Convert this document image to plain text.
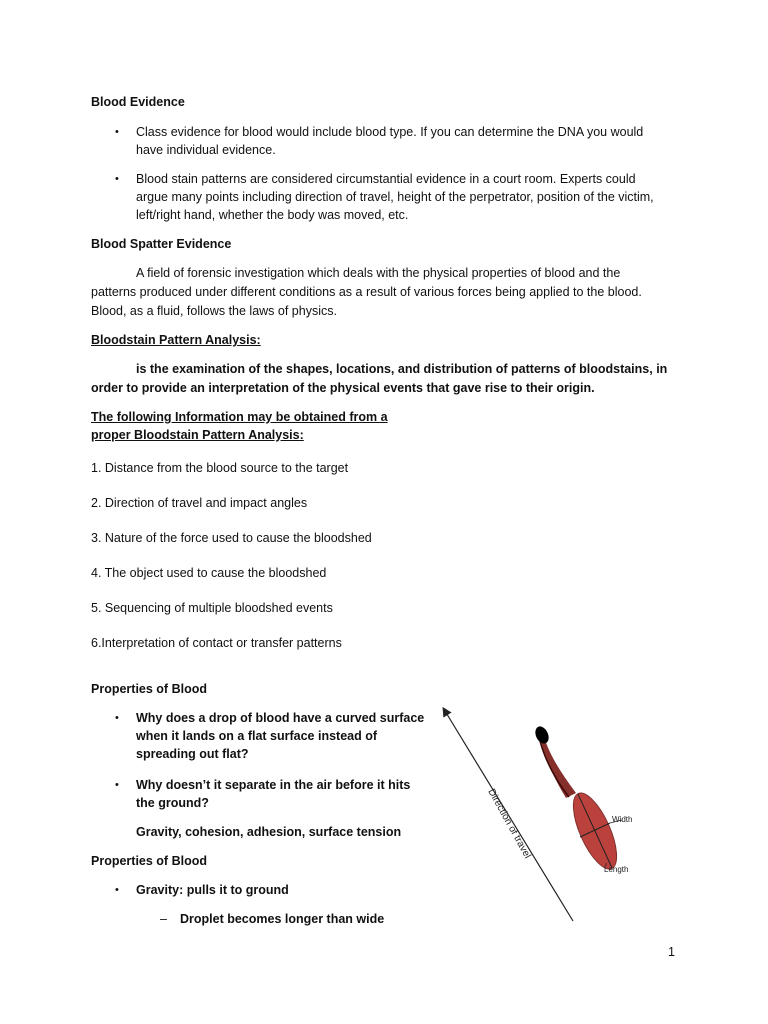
Blood Evidence
• Class evidence for blood would include blood type. If you can determine the DNA you would
have individual evidence.
• Blood stain patterns are considered circumstantial evidence in a court room. Experts could
argue many points including direction of travel, height of the perpetrator, position of the victim,
left/right hand, whether the body was moved, etc.
Blood Spatter Evidence
A field of forensic investigation which deals with the physical properties of blood and the
patterns produced under different conditions as a result of various forces being applied to the blood.
Blood, as a fluid, follows the laws of physics.
Bloodstain Pattern Analysis:
is the examination of the shapes, locations, and distribution of patterns of bloodstains, in
order to provide an interpretation of the physical events that gave rise to their origin.
The following Information may be obtained from a
proper Bloodstain Pattern Analysis:
1. Distance from the blood source to the target
2. Direction of travel and impact angles
3. Nature of the force used to cause the bloodshed
4. The object used to cause the bloodshed
5. Sequencing of multiple bloodshed events
6.Interpretation of contact or transfer patterns
Properties of Blood
• Why does a drop of blood have a curved surface
when it lands on a flat surface instead of
spreading out flat?
• Why doesn’t it separate in the air before it hits
the ground?
Gravity, cohesion, adhesion, surface tension
Properties of Blood
• Gravity: pulls it to ground
– Droplet becomes longer than wide
Width
Length
Direction of travel
1
